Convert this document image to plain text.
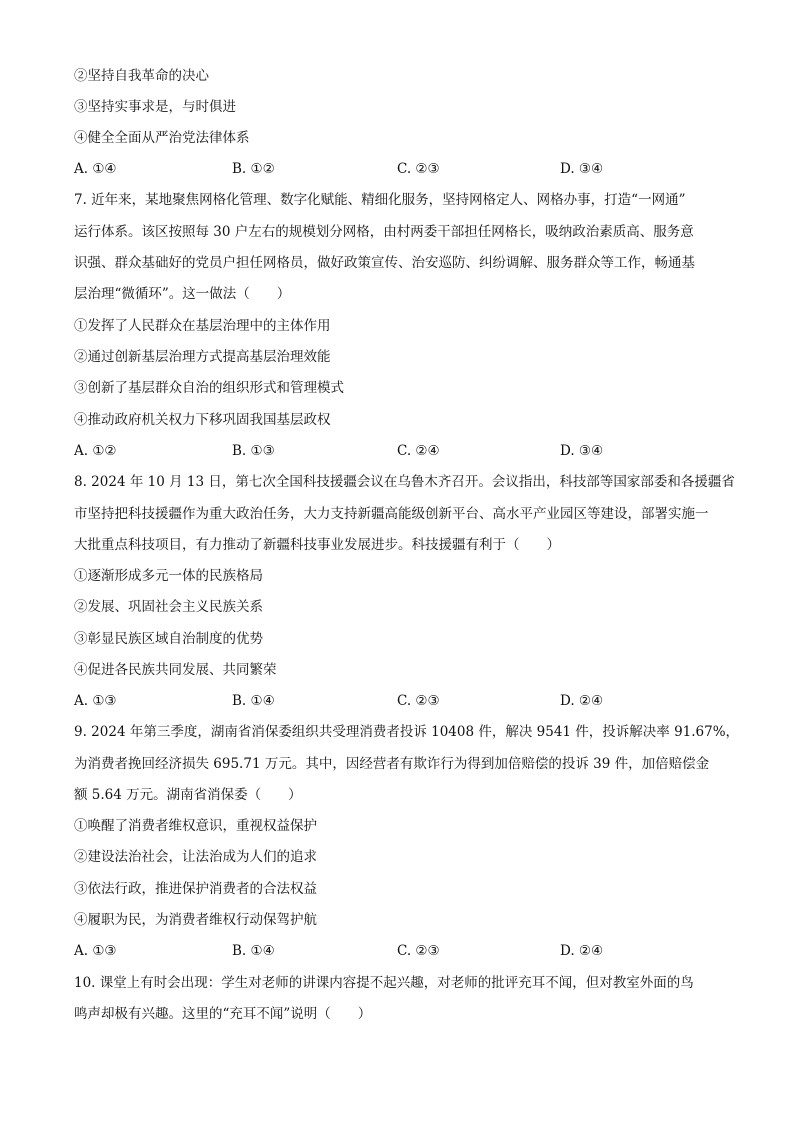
②坚持自我革命的决心
③坚持实事求是，与时俱进
④健全全面从严治党法律体系
A. ①④	B. ①②	C. ②③	D. ③④
7. 近年来，某地聚焦网格化管理、数字化赋能、精细化服务，坚持网格定人、网格办事，打造“一网通”
运行体系。该区按照每 30 户左右的规模划分网格，由村两委干部担任网格长，吸纳政治素质高、服务意
识强、群众基础好的党员户担任网格员，做好政策宣传、治安巡防、纠纷调解、服务群众等工作，畅通基
层治理“微循环”。这一做法（　　）
①发挥了人民群众在基层治理中的主体作用
②通过创新基层治理方式提高基层治理效能
③创新了基层群众自治的组织形式和管理模式
④推动政府机关权力下移巩固我国基层政权
A. ①②	B. ①③	C. ②④	D. ③④
8. 2024 年 10 月 13 日，第七次全国科技援疆会议在乌鲁木齐召开。会议指出，科技部等国家部委和各援疆省
市坚持把科技援疆作为重大政治任务，大力支持新疆高能级创新平台、高水平产业园区等建设，部署实施一
大批重点科技项目，有力推动了新疆科技事业发展进步。科技援疆有利于（　　）
①逐渐形成多元一体的民族格局
②发展、巩固社会主义民族关系
③彰显民族区域自治制度的优势
④促进各民族共同发展、共同繁荣
A. ①③	B. ①④	C. ②③	D. ②④
9. 2024 年第三季度，湖南省消保委组织共受理消费者投诉 10408 件，解决 9541 件，投诉解决率 91.67%，
为消费者挽回经济损失 695.71 万元。其中，因经营者有欺诈行为得到加倍赔偿的投诉 39 件，加倍赔偿金
额 5.64 万元。湖南省消保委（　　）
①唤醒了消费者维权意识，重视权益保护
②建设法治社会，让法治成为人们的追求
③依法行政，推进保护消费者的合法权益
④履职为民，为消费者维权行动保驾护航
A. ①③	B. ①④	C. ②③	D. ②④
10. 课堂上有时会出现：学生对老师的讲课内容提不起兴趣，对老师的批评充耳不闻，但对教室外面的鸟
鸣声却极有兴趣。这里的“充耳不闻”说明（　　）
